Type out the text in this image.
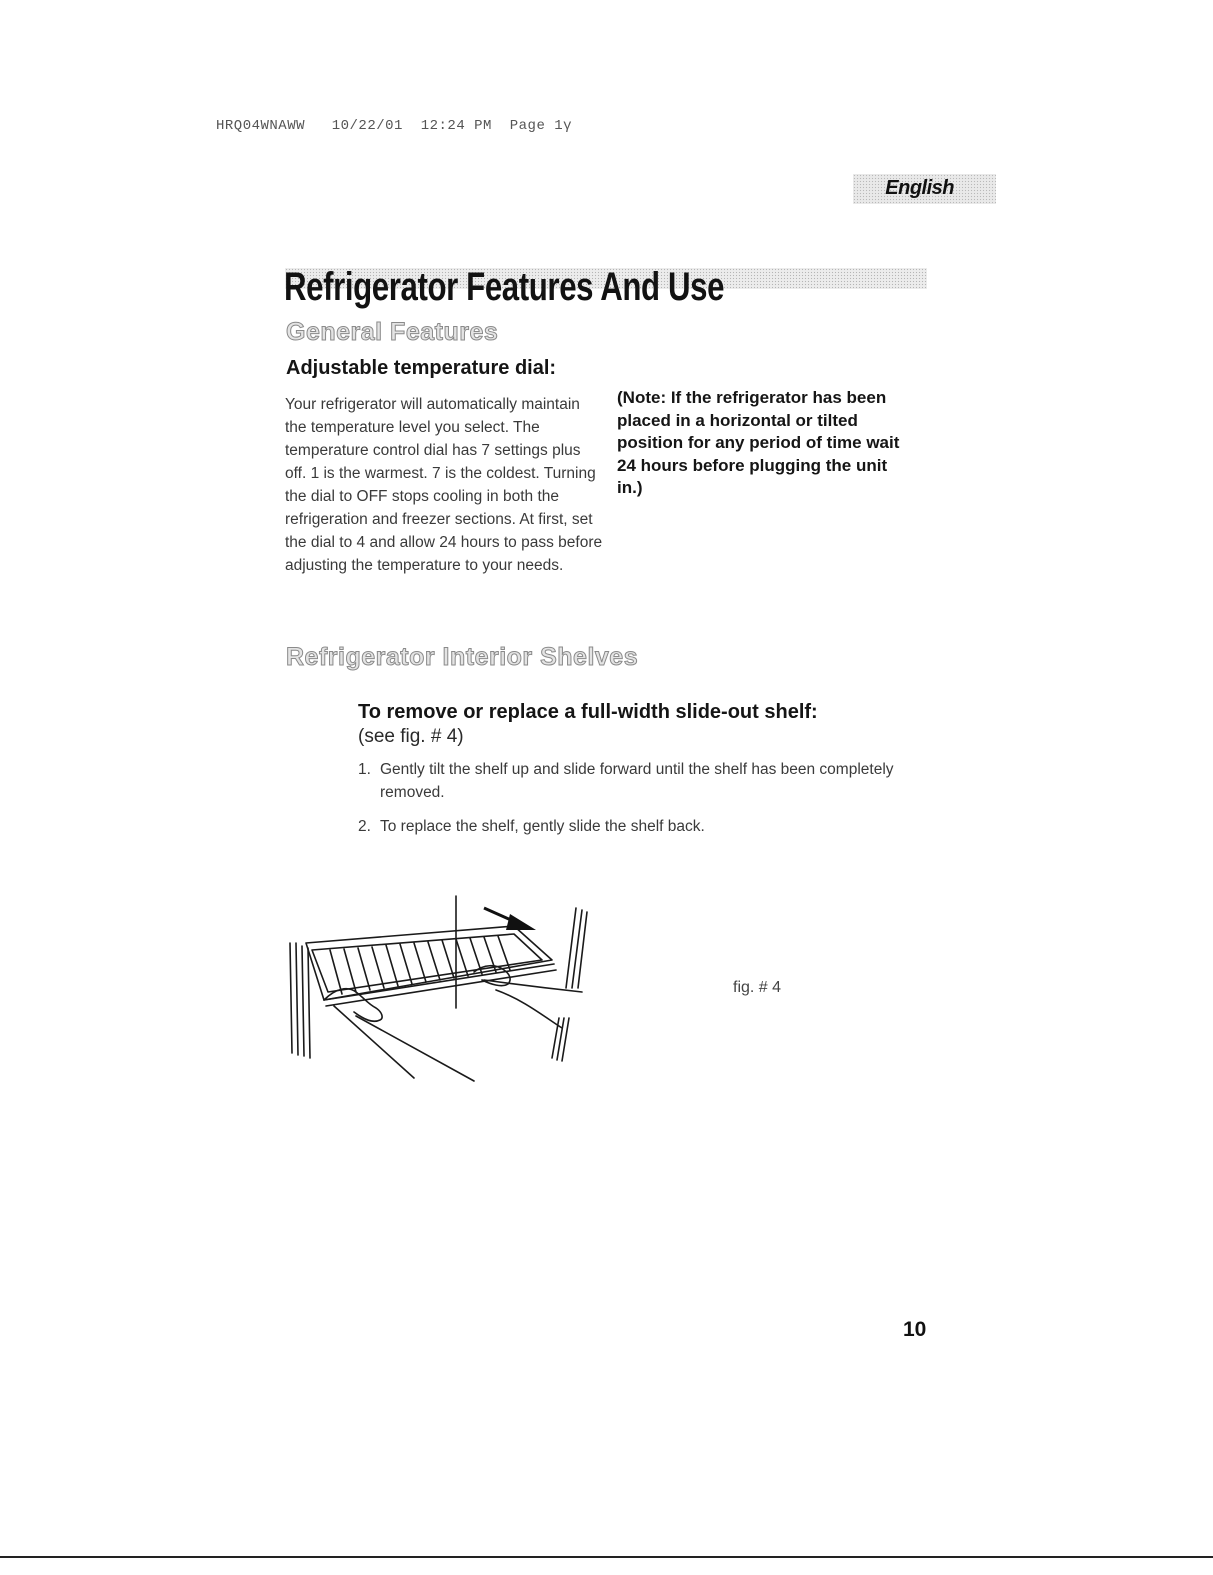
HRQ04WNAWW   10/22/01  12:24 PM  Page 1γ
English
Refrigerator Features And Use
General Features
Adjustable temperature dial:
Your refrigerator will automatically maintain the temperature level you select. The temperature control dial has 7 settings plus off. 1 is the warmest. 7 is the coldest. Turning the dial to OFF stops cooling in both the refrigeration and freezer sections. At first, set the dial to 4 and allow 24 hours to pass before adjusting the temperature to your needs.
(Note: If the refrigerator has been placed in a horizontal or tilted position for any period of time wait 24 hours before plugging the unit in.)
Refrigerator Interior Shelves
To remove or replace a full-width slide-out shelf:
(see fig. # 4)
1. Gently tilt the shelf up and slide forward until the shelf has been completely removed.
2. To replace the shelf, gently slide the shelf back.
fig. # 4
10
